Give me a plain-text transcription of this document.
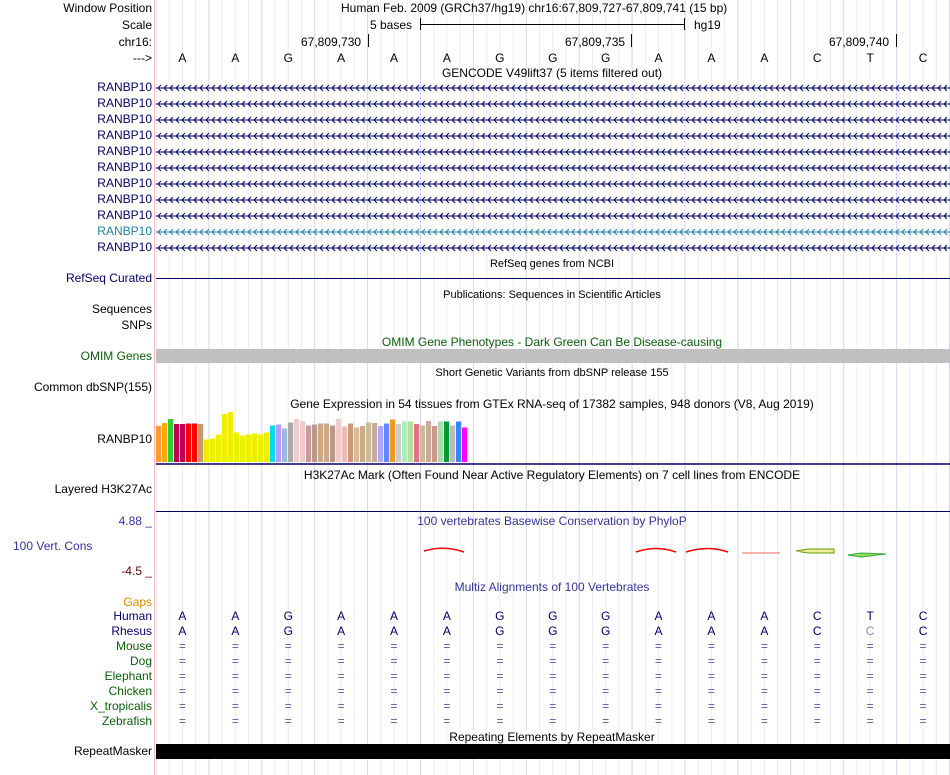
Window Position	Human Feb. 2009 (GRCh37/hg19) chr16:67,809,727-67,809,741 (15 bp)
Scale	5 bases	hg19
chr16:	67,809,730	67,809,735	67,809,740
--->	A	A	G	A	A	A	G	G	G	A	A	A	C	T	C
GENCODE V49lift37 (5 items filtered out)
RANBP10
RANBP10
RANBP10
RANBP10
RANBP10
RANBP10
RANBP10
RANBP10
RANBP10
RANBP10
RANBP10
RefSeq genes from NCBI
RefSeq Curated
Publications: Sequences in Scientific Articles
Sequences
SNPs
OMIM Gene Phenotypes - Dark Green Can Be Disease-causing
OMIM Genes
Short Genetic Variants from dbSNP release 155
Common dbSNP(155)
Gene Expression in 54 tissues from GTEx RNA-seq of 17382 samples, 948 donors (V8, Aug 2019)
RANBP10
H3K27Ac Mark (Often Found Near Active Regulatory Elements) on 7 cell lines from ENCODE
Layered H3K27Ac
100 vertebrates Basewise Conservation by PhyloP
4.88 _
100 Vert. Cons
-4.5 _
Multiz Alignments of 100 Vertebrates
Gaps
Human	A	A	G	A	A	A	G	G	G	A	A	A	C	T	C
Rhesus	A	A	G	A	A	A	G	G	G	A	A	A	C	C	C
Mouse	=	=	=	=	=	=	=	=	=	=	=	=	=	=	=
Dog	=	=	=	=	=	=	=	=	=	=	=	=	=	=	=
Elephant	=	=	=	=	=	=	=	=	=	=	=	=	=	=	=
Chicken	=	=	=	=	=	=	=	=	=	=	=	=	=	=	=
X_tropicalis	=	=	=	=	=	=	=	=	=	=	=	=	=	=	=
Zebrafish	=	=	=	=	=	=	=	=	=	=	=	=	=	=	=
RepeatMasker
Repeating Elements by RepeatMasker
